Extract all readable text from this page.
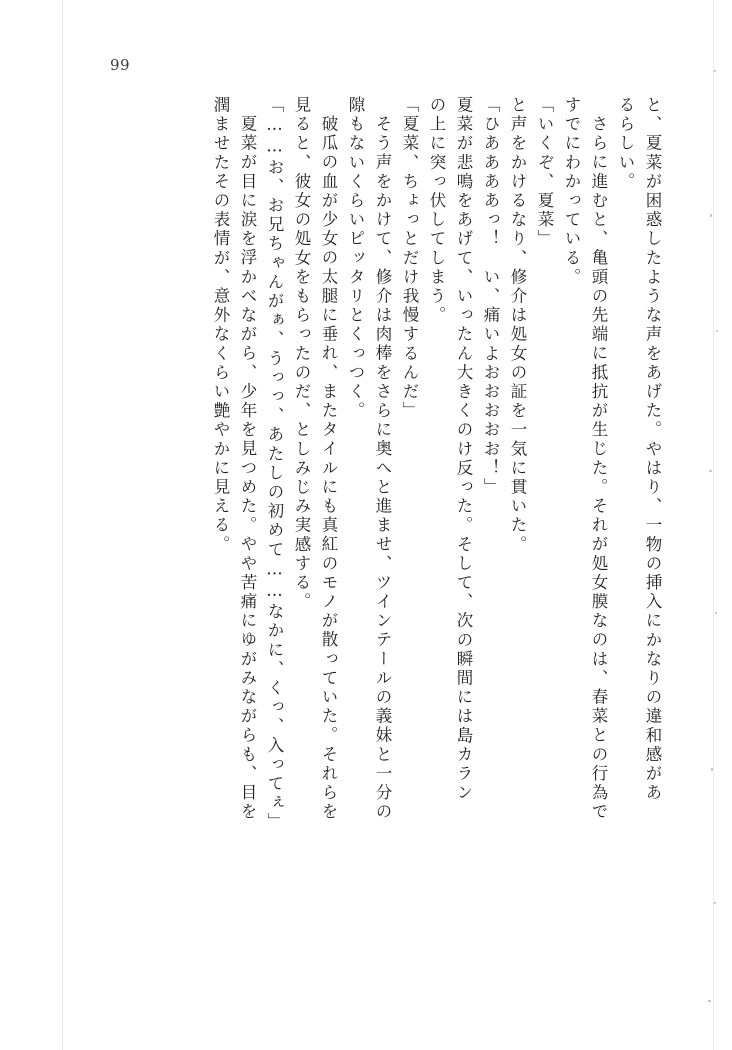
99
と、夏菜が困惑したような声をあげた。やはり、一物の挿入にかなりの違和感があ
るらしい。
さらに進むと、亀頭の先端に抵抗が生じた。それが処女膜なのは、春菜との行為で
すでにわかっている。
「いくぞ、夏菜」
と声をかけるなり、修介は処女の証を一気に貫いた。
「ひああああっ！　い、痛いよおおおおお！」
夏菜が悲鳴をあげて、いったん大きくのけ反った。そして、次の瞬間には島カラン
の上に突っ伏してしまう。
「夏菜、ちょっとだけ我慢するんだ」
そう声をかけて、修介は肉棒をさらに奥へと進ませ、ツインテールの義妹と一分の
隙もないくらいピッタリとくっつく。
破瓜の血が少女の太腿に垂れ、またタイルにも真紅のモノが散っていた。それらを
見ると、彼女の処女をもらったのだ、としみじみ実感する。
「……お、お兄ちゃんがぁ、うっっ、あたしの初めて……なかに、くっ、入ってぇ」
夏菜が目に涙を浮かべながら、少年を見つめた。やや苦痛にゆがみながらも、目を
潤ませたその表情が、意外なくらい艶やかに見える。
